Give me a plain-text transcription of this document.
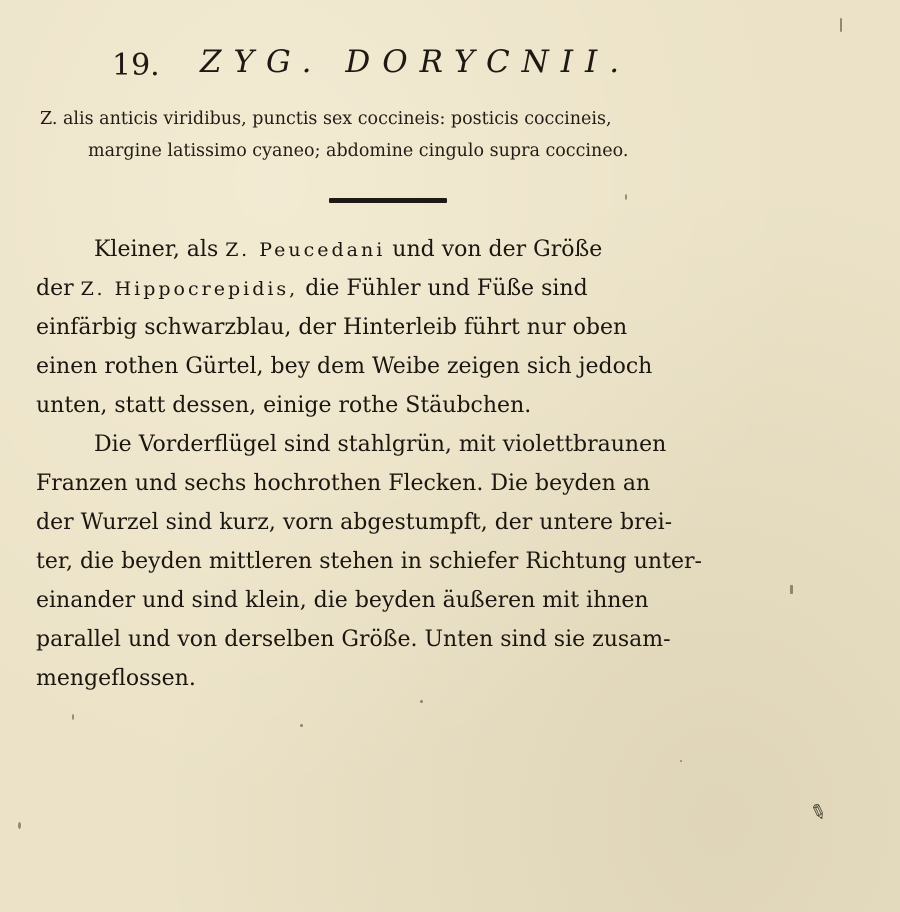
19. ZYG. DORYCNII.
Z. alis anticis viridibus, punctis sex coccineis: posticis coccineis,
margine latissimo cyaneo; abdomine cingulo supra coccineo.
Kleiner, als Z. Peucedani und von der Größe
der Z. Hippocrepidis, die Fühler und Füße sind
einfärbig schwarzblau, der Hinterleib führt nur oben
einen rothen Gürtel, bey dem Weibe zeigen sich jedoch
unten, statt dessen, einige rothe Stäubchen.
Die Vorderflügel sind stahlgrün, mit violettbraunen
Franzen und sechs hochrothen Flecken. Die beyden an
der Wurzel sind kurz, vorn abgestumpft, der untere brei-
ter, die beyden mittleren stehen in schiefer Richtung unter-
einander und sind klein, die beyden äußeren mit ihnen
parallel und von derselben Größe. Unten sind sie zusam-
mengeflossen.
✎
